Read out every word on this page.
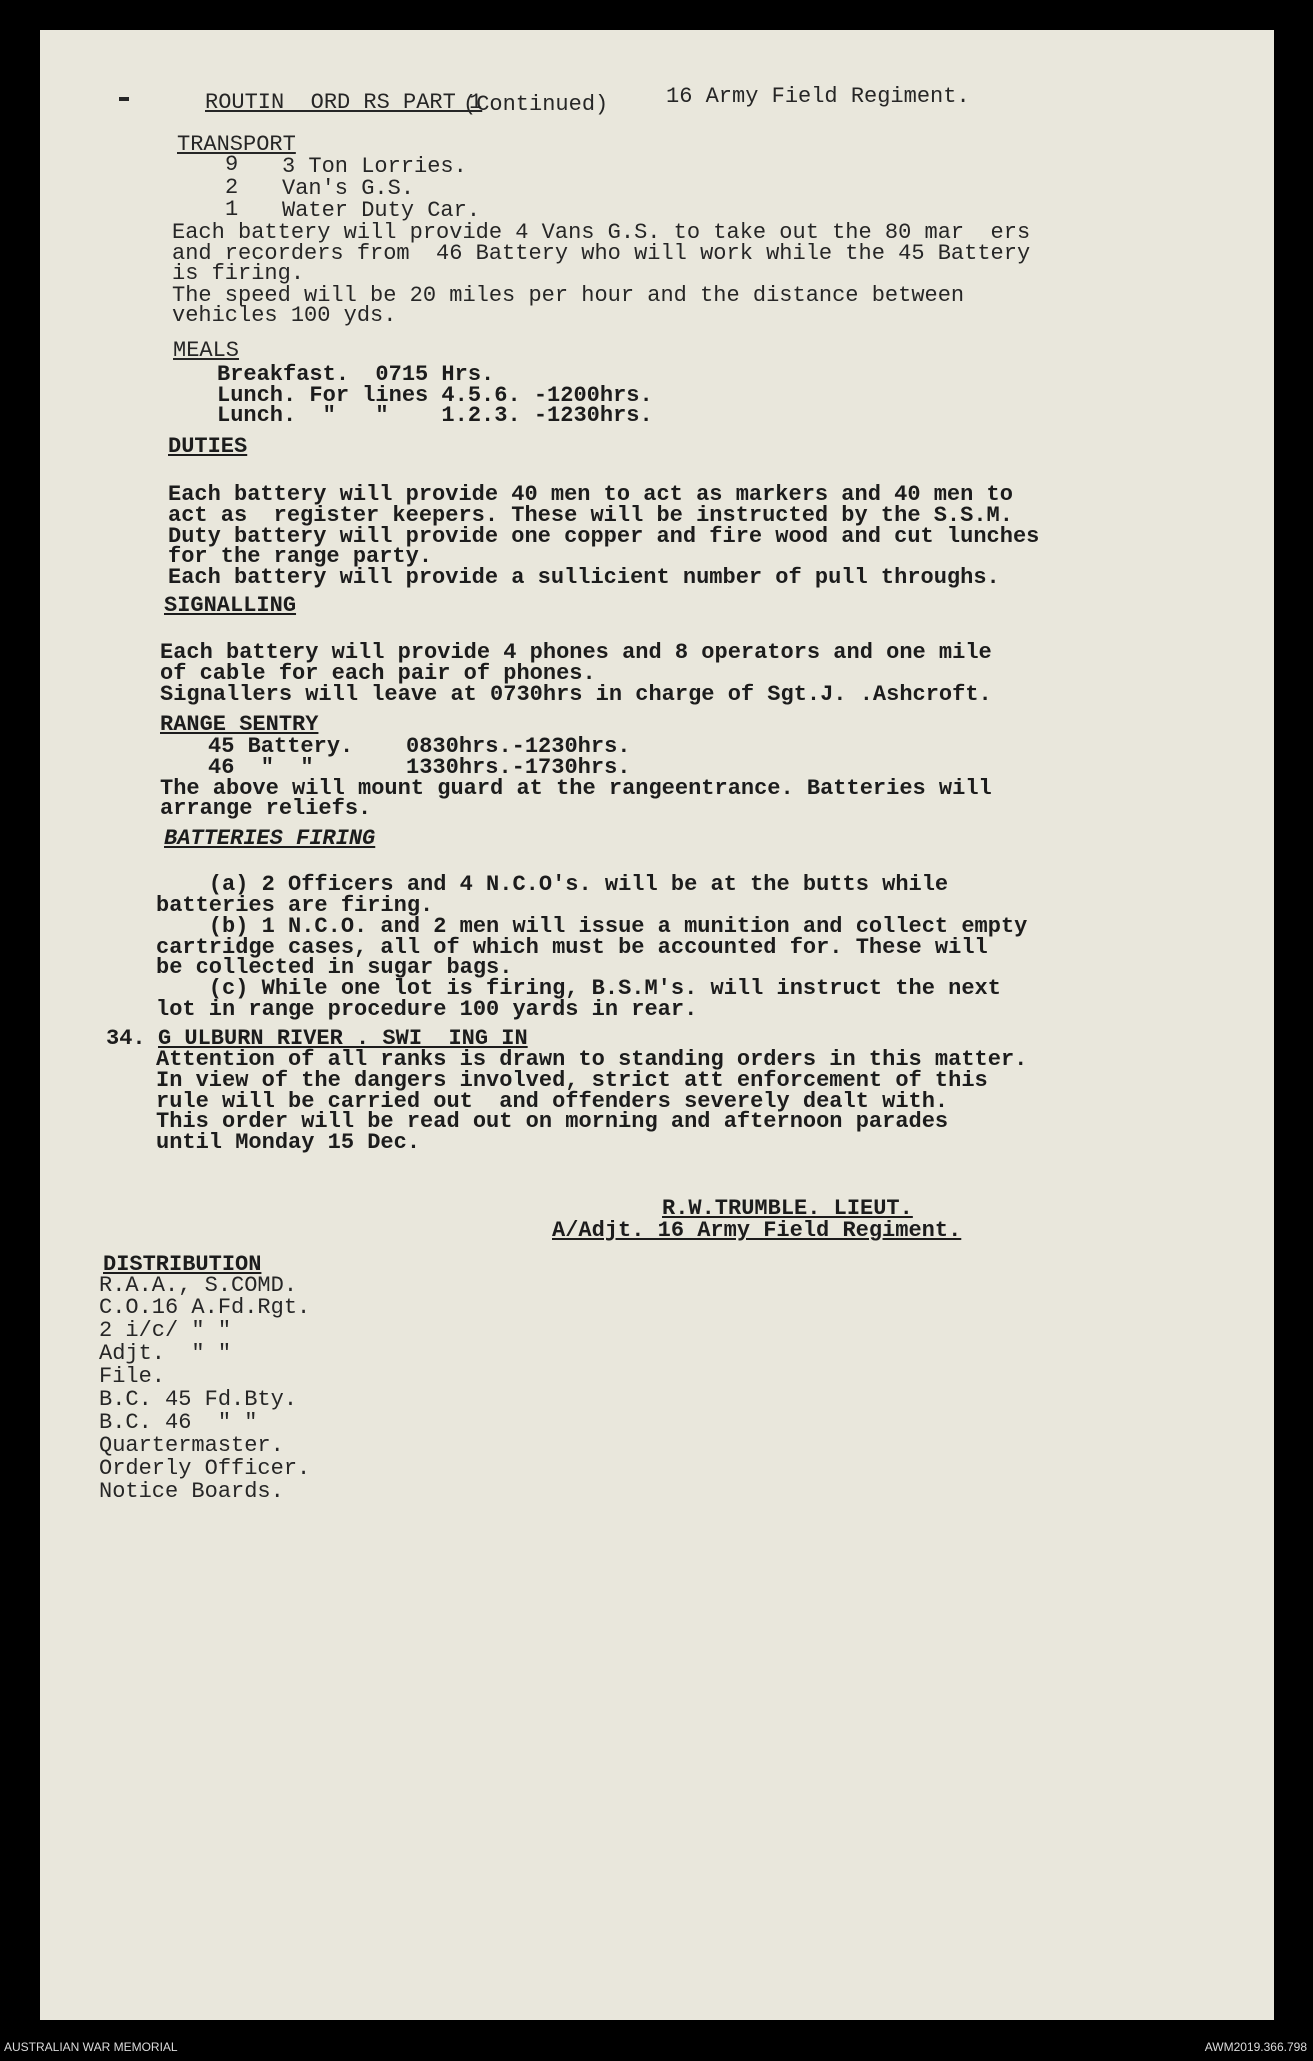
ROUTIN  ORD RS PART 1
(Continued)	16 Army Field Regiment.
TRANSPORT
9 3 Ton Lorries.
2 Van's G.S.
1 Water Duty Car.
Each battery will provide 4 Vans G.S. to take out the 80 mar  ers
and recorders from  46 Battery who will work while the 45 Battery
is firing.
The speed will be 20 miles per hour and the distance between
vehicles 100 yds.
MEALS
Breakfast.  0715 Hrs.
Lunch. For lines 4.5.6. -1200hrs.
Lunch.  "   "    1.2.3. -1230hrs.
DUTIES
Each battery will provide 40 men to act as markers and 40 men to
act as  register keepers. These will be instructed by the S.S.M.
Duty battery will provide one copper and fire wood and cut lunches
for the range party.
Each battery will provide a sullicient number of pull throughs.
SIGNALLING
Each battery will provide 4 phones and 8 operators and one mile
of cable for each pair of phones.
Signallers will leave at 0730hrs in charge of Sgt.J. .Ashcroft.
RANGE SENTRY
45 Battery.    0830hrs.-1230hrs.
46  "  "       1330hrs.-1730hrs.
The above will mount guard at the rangeentrance. Batteries will
arrange reliefs.
BATTERIES FIRING
(a) 2 Officers and 4 N.C.O's. will be at the butts while
batteries are firing.
(b) 1 N.C.O. and 2 men will issue a munition and collect empty
cartridge cases, all of which must be accounted for. These will
be collected in sugar bags.
(c) While one lot is firing, B.S.M's. will instruct the next
lot in range procedure 100 yards in rear.
34. G ULBURN RIVER . SWI  ING IN
Attention of all ranks is drawn to standing orders in this matter.
In view of the dangers involved, strict att enforcement of this
rule will be carried out  and offenders severely dealt with.
This order will be read out on morning and afternoon parades
until Monday 15 Dec.
R.W.TRUMBLE. LIEUT.
A/Adjt. 16 Army Field Regiment.
DISTRIBUTION
R.A.A., S.COMD.
C.O.16 A.Fd.Rgt.
2 i/c/ " "
Adjt.  " "
File.
B.C. 45 Fd.Bty.
B.C. 46  " "
Quartermaster.
Orderly Officer.
Notice Boards.
AUSTRALIAN WAR MEMORIAL	AWM2019.366.798
